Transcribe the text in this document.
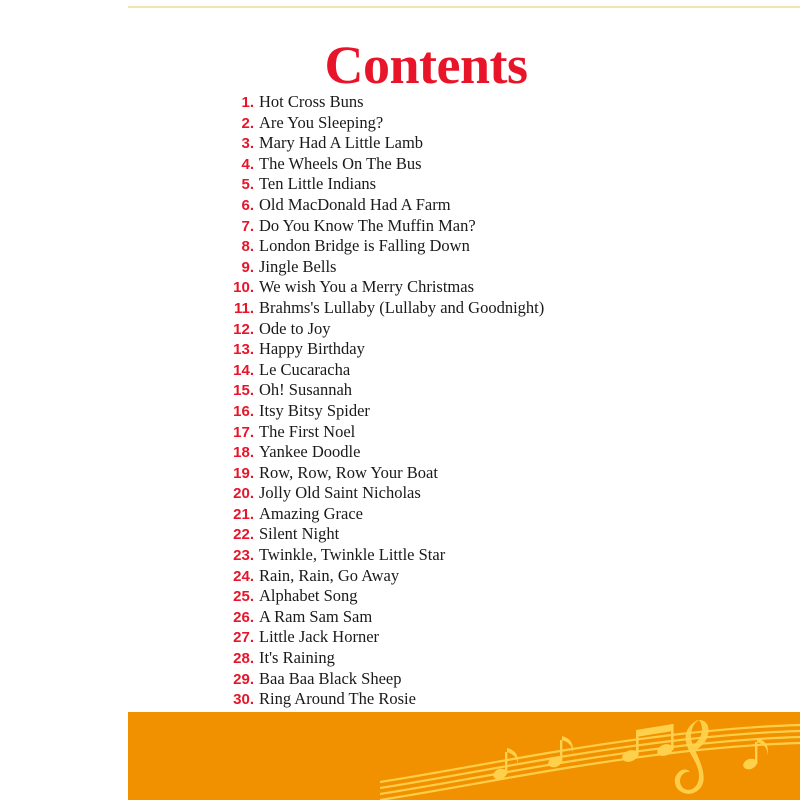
Contents
1. Hot Cross Buns
2. Are You Sleeping?
3. Mary Had A Little Lamb
4. The Wheels On The Bus
5. Ten Little Indians
6. Old MacDonald Had A Farm
7. Do You Know The Muffin Man?
8. London Bridge is Falling Down
9. Jingle Bells
10. We wish You a Merry Christmas
11. Brahms's Lullaby (Lullaby and Goodnight)
12. Ode to Joy
13. Happy Birthday
14. Le Cucaracha
15. Oh! Susannah
16. Itsy Bitsy Spider
17. The First Noel
18. Yankee Doodle
19. Row, Row, Row Your Boat
20. Jolly Old Saint Nicholas
21. Amazing Grace
22. Silent Night
23. Twinkle, Twinkle Little Star
24. Rain, Rain, Go Away
25. Alphabet Song
26. A Ram Sam Sam
27. Little Jack Horner
28. It's Raining
29. Baa Baa Black Sheep
30. Ring Around The Rosie
